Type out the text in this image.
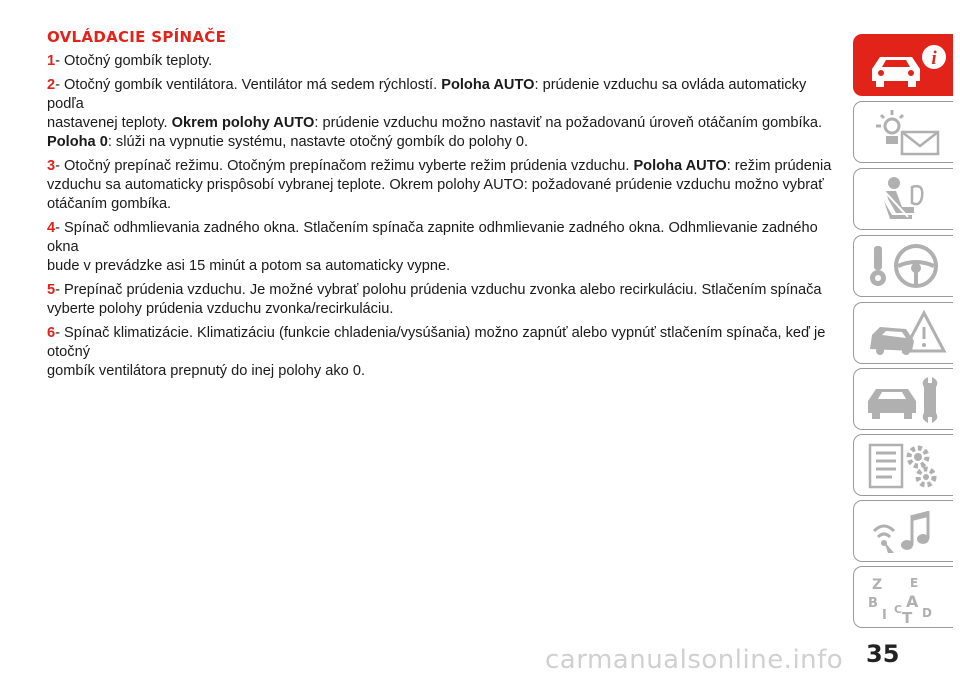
OVLÁDACIE SPÍNAČE

1- Otočný gombík teploty.

2- Otočný gombík ventilátora. Ventilátor má sedem rýchlostí. Poloha AUTO: prúdenie vzduchu sa ovláda automaticky podľa
nastavenej teploty. Okrem polohy AUTO: prúdenie vzduchu možno nastaviť na požadovanú úroveň otáčaním gombíka.
Poloha 0: slúži na vypnutie systému, nastavte otočný gombík do polohy 0.

3- Otočný prepínač režimu. Otočným prepínačom režimu vyberte režim prúdenia vzduchu. Poloha AUTO: režim prúdenia
vzduchu sa automaticky prispôsobí vybranej teplote. Okrem polohy AUTO: požadované prúdenie vzduchu možno vybrať
otáčaním gombíka.

4- Spínač odhmlievania zadného okna. Stlačením spínača zapnite odhmlievanie zadného okna. Odhmlievanie zadného okna
bude v prevádzke asi 15 minút a potom sa automaticky vypne.

5- Prepínač prúdenia vzduchu. Je možné vybrať polohu prúdenia vzduchu zvonka alebo recirkuláciu. Stlačením spínača
vyberte polohy prúdenia vzduchu zvonka/recirkuláciu.

6- Spínač klimatizácie. Klimatizáciu (funkcie chladenia/vysúšania) možno zapnúť alebo vypnúť stlačením spínača, keď je otočný
gombík ventilátora prepnutý do inej polohy ako 0.

i
Z E
B A
I C T D
carmanualsonline.info 35
